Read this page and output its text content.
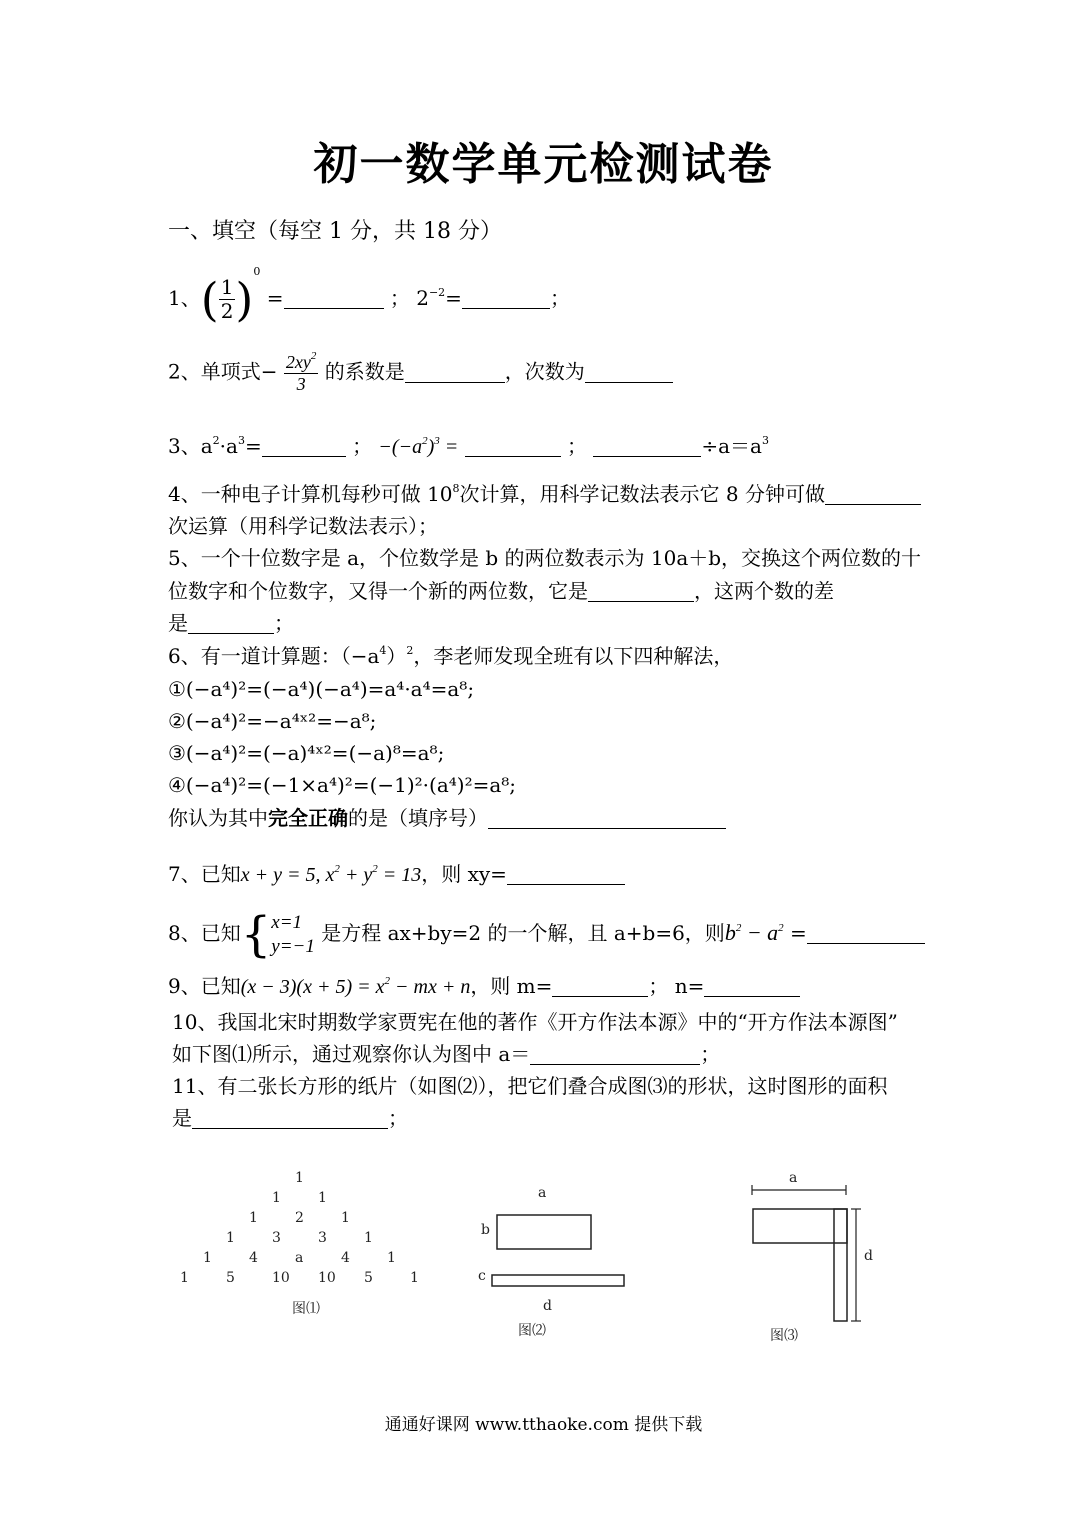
初一数学单元检测试卷
一、填空（每空 1 分，共 18 分）
1、( $\frac{1}{2} )^0$ =	； $2^{-2}=$	；
2、单项式− $\frac{2xy^2}{3}$ 的系数是	，次数为
3、$a^2\cdot a^3=$	； $-(-a^2)^3$ =	；	$\div a=a^3$
4、一种电子计算机每秒可做 $10^8$次计算，用科学记数法表示它 8 分钟可做
次运算（用科学记数法表示）；
5、一个十位数字是 a，个位数学是 b 的两位数表示为 10a＋b，交换这个两位数的十
位数字和个位数字，又得一个新的两位数，它是	，这两个数的差
是	；
6、有一道计算题：$(-a^4)^2$，李老师发现全班有以下四种解法，
①(−a⁴)²=(−a⁴)(−a⁴)=a⁴·a⁴=a⁸;
②(−a⁴)²=−a⁴ˣ²=−a⁸;
③(−a⁴)²=(−a)⁴ˣ²=(−a)⁸=a⁸;
④(−a⁴)²=(−1×a⁴)²=(−1)²·(a⁴)²=a⁸;
你认为其中完全正确的是（填序号）
7、已知x + y = 5, $x^2 + y^2 = 13$，则 xy=
8、已知{ x=1
y=−1
是方程 ax+by=2 的一个解，且 a+b=6，则$b^2 - a^2$ =
9、已知$(x - 3)(x + 5) = x^2$ − mx + n，则 m=	； n=
10、我国北宋时期数学家贾宪在他的著作《开方作法本源》中的“开方作法本源图”
如下图⑴所示，通过观察你认为图中 a＝	；
11、有二张长方形的纸片（如图⑵），把它们叠合成图⑶的形状，这时图形的面积
是	；
1
1	1
1	2	1
1	3	3	1
1	4	a	4	1
1	5	10 10 5	1
图⑴
a
b
c
d
图⑵
a
d
图⑶
通通好课网 www.tthaoke.com 提供下载
